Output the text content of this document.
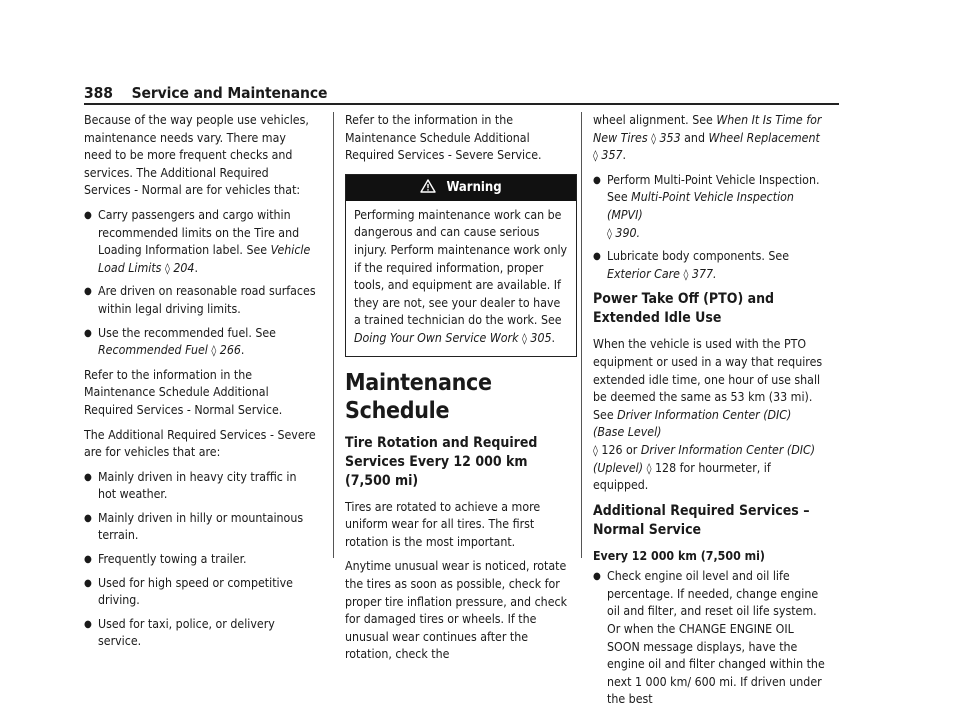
388 Service and Maintenance

Because of the way people use vehicles, maintenance needs vary. There may need to be more frequent checks and services. The Additional Required Services - Normal are for vehicles that:

● Carry passengers and cargo within recommended limits on the Tire and Loading Information label. See Vehicle Load Limits ◊ 204.
● Are driven on reasonable road surfaces within legal driving limits.
● Use the recommended fuel. See Recommended Fuel ◊ 266.

Refer to the information in the Maintenance Schedule Additional Required Services - Normal Service.

The Additional Required Services - Severe are for vehicles that are:

● Mainly driven in heavy city traffic in hot weather.
● Mainly driven in hilly or mountainous terrain.
● Frequently towing a trailer.
● Used for high speed or competitive driving.
● Used for taxi, police, or delivery service.

Refer to the information in the Maintenance Schedule Additional Required Services - Severe Service.

Warning
Performing maintenance work can be dangerous and can cause serious injury. Perform maintenance work only if the required information, proper tools, and equipment are available. If they are not, see your dealer to have a trained technician do the work. See Doing Your Own Service Work ◊ 305.
Maintenance Schedule
Tire Rotation and Required Services Every 12 000 km (7,500 mi)

Tires are rotated to achieve a more uniform wear for all tires. The first rotation is the most important.

Anytime unusual wear is noticed, rotate the tires as soon as possible, check for proper tire inflation pressure, and check for damaged tires or wheels. If the unusual wear continues after the rotation, check the

wheel alignment. See When It Is Time for New Tires ◊ 353 and Wheel Replacement ◊ 357.

● Perform Multi-Point Vehicle Inspection. See Multi-Point Vehicle Inspection (MPVI)
◊ 390.
● Lubricate body components. See Exterior Care ◊ 377.
Power Take Off (PTO) and Extended Idle Use

When the vehicle is used with the PTO equipment or used in a way that requires extended idle time, one hour of use shall be deemed the same as 53 km (33 mi). See Driver Information Center (DIC) (Base Level)
◊ 126 or Driver Information Center (DIC) (Uplevel) ◊ 128 for hourmeter, if equipped.

Additional Required Services – Normal Service
Every 12 000 km (7,500 mi)
● Check engine oil level and oil life percentage. If needed, change engine oil and filter, and reset oil life system. Or when the CHANGE ENGINE OIL SOON message displays, have the engine oil and filter changed within the next 1 000 km/ 600 mi. If driven under the best
